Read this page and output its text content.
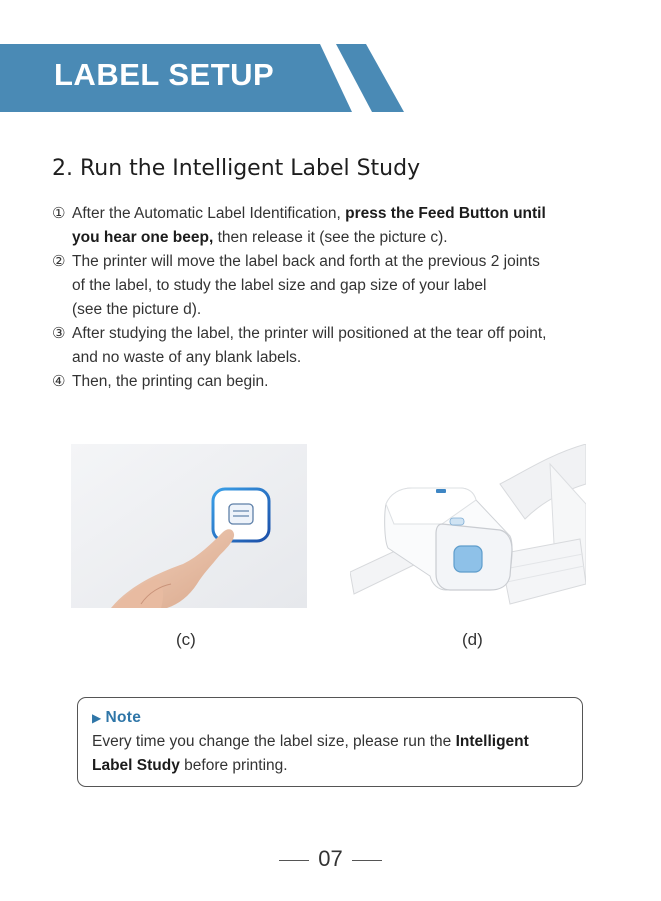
LABEL SETUP
2. Run the Intelligent Label Study
① After the Automatic Label Identification, press the Feed Button until
you hear one beep, then release it (see the picture c).
② The printer will move the label back and forth at the previous 2 joints
of the label, to study the label size and gap size of your label
(see the picture d).
③ After studying the label, the printer will positioned at the tear off point,
and no waste of any blank labels.
④ Then, the printing can begin.
(c)	(d)
▶ Note
Every time you change the label size, please run the Intelligent
Label Study before printing.
07
